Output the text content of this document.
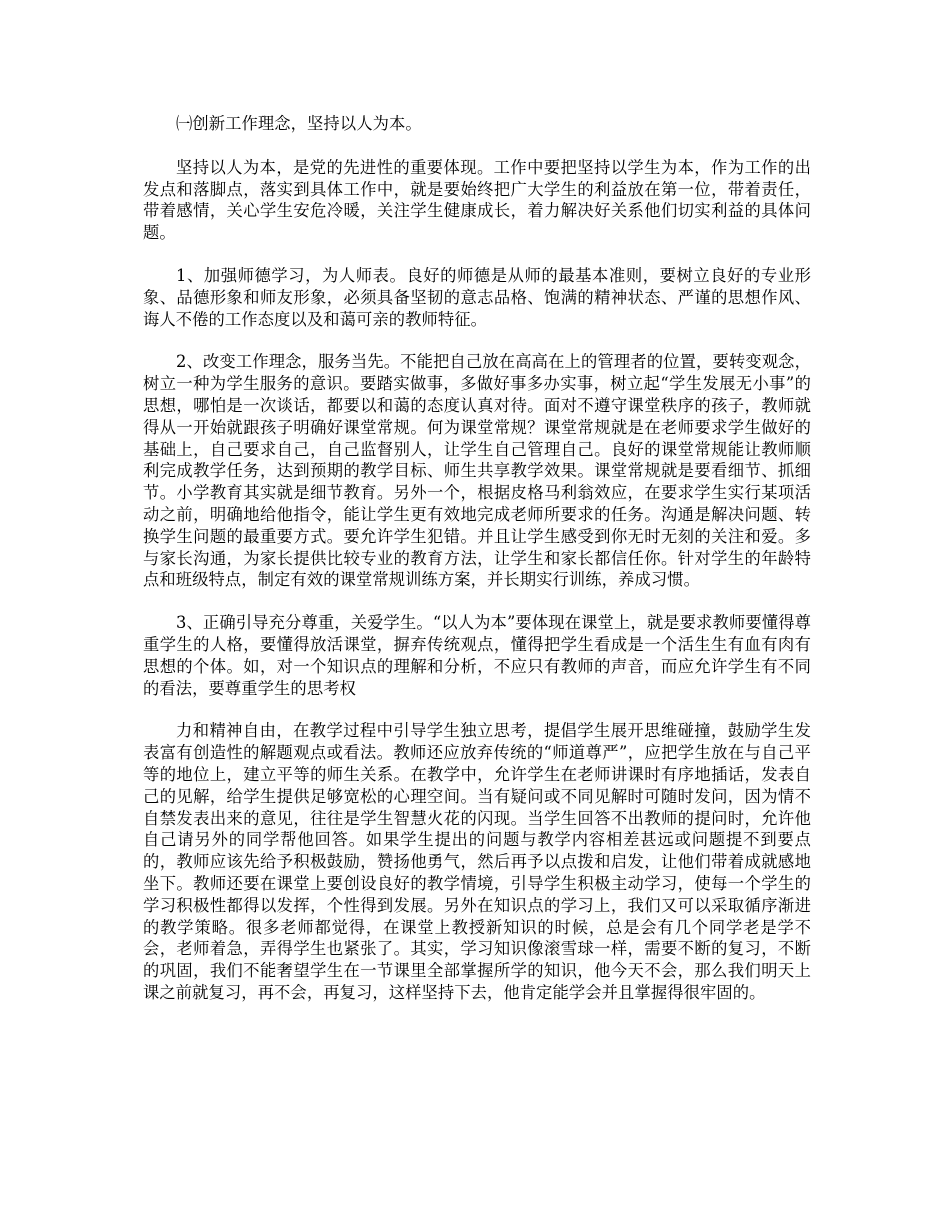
㈠创新工作理念，坚持以人为本。

坚持以人为本，是党的先进性的重要体现。工作中要把坚持以学生为本，作为工作的出发点和落脚点，落实到具体工作中，就是要始终把广大学生的利益放在第一位，带着责任，带着感情，关心学生安危冷暖，关注学生健康成长，着力解决好关系他们切实利益的具体问题。

1、加强师德学习，为人师表。良好的师德是从师的最基本准则，要树立良好的专业形象、品德形象和师友形象，必须具备坚韧的意志品格、饱满的精神状态、严谨的思想作风、诲人不倦的工作态度以及和蔼可亲的教师特征。

2、改变工作理念，服务当先。不能把自己放在高高在上的管理者的位置，要转变观念，树立一种为学生服务的意识。要踏实做事，多做好事多办实事，树立起“学生发展无小事”的思想，哪怕是一次谈话，都要以和蔼的态度认真对待。面对不遵守课堂秩序的孩子，教师就得从一开始就跟孩子明确好课堂常规。何为课堂常规？课堂常规就是在老师要求学生做好的基础上，自己要求自己，自己监督别人，让学生自己管理自己。良好的课堂常规能让教师顺利完成教学任务，达到预期的教学目标、师生共享教学效果。课堂常规就是要看细节、抓细节。小学教育其实就是细节教育。另外一个，根据皮格马利翁效应，在要求学生实行某项活动之前，明确地给他指令，能让学生更有效地完成老师所要求的任务。沟通是解决问题、转换学生问题的最重要方式。要允许学生犯错。并且让学生感受到你无时无刻的关注和爱。多与家长沟通，为家长提供比较专业的教育方法，让学生和家长都信任你。针对学生的年龄特点和班级特点，制定有效的课堂常规训练方案，并长期实行训练，养成习惯。

3、正确引导充分尊重，关爱学生。“以人为本”要体现在课堂上，就是要求教师要懂得尊重学生的人格，要懂得放活课堂，摒弃传统观点，懂得把学生看成是一个活生生有血有肉有思想的个体。如，对一个知识点的理解和分析，不应只有教师的声音，而应允许学生有不同的看法，要尊重学生的思考权

力和精神自由，在教学过程中引导学生独立思考，提倡学生展开思维碰撞，鼓励学生发表富有创造性的解题观点或看法。教师还应放弃传统的“师道尊严”，应把学生放在与自己平等的地位上，建立平等的师生关系。在教学中，允许学生在老师讲课时有序地插话，发表自己的见解，给学生提供足够宽松的心理空间。当有疑问或不同见解时可随时发问，因为情不自禁发表出来的意见，往往是学生智慧火花的闪现。当学生回答不出教师的提问时，允许他自己请另外的同学帮他回答。如果学生提出的问题与教学内容相差甚远或问题提不到要点的，教师应该先给予积极鼓励，赞扬他勇气，然后再予以点拨和启发，让他们带着成就感地坐下。教师还要在课堂上要创设良好的教学情境，引导学生积极主动学习，使每一个学生的学习积极性都得以发挥，个性得到发展。另外在知识点的学习上，我们又可以采取循序渐进的教学策略。很多老师都觉得，在课堂上教授新知识的时候，总是会有几个同学老是学不会，老师着急，弄得学生也紧张了。其实，学习知识像滚雪球一样，需要不断的复习，不断的巩固，我们不能奢望学生在一节课里全部掌握所学的知识，他今天不会，那么我们明天上课之前就复习，再不会，再复习，这样坚持下去，他肯定能学会并且掌握得很牢固的。
